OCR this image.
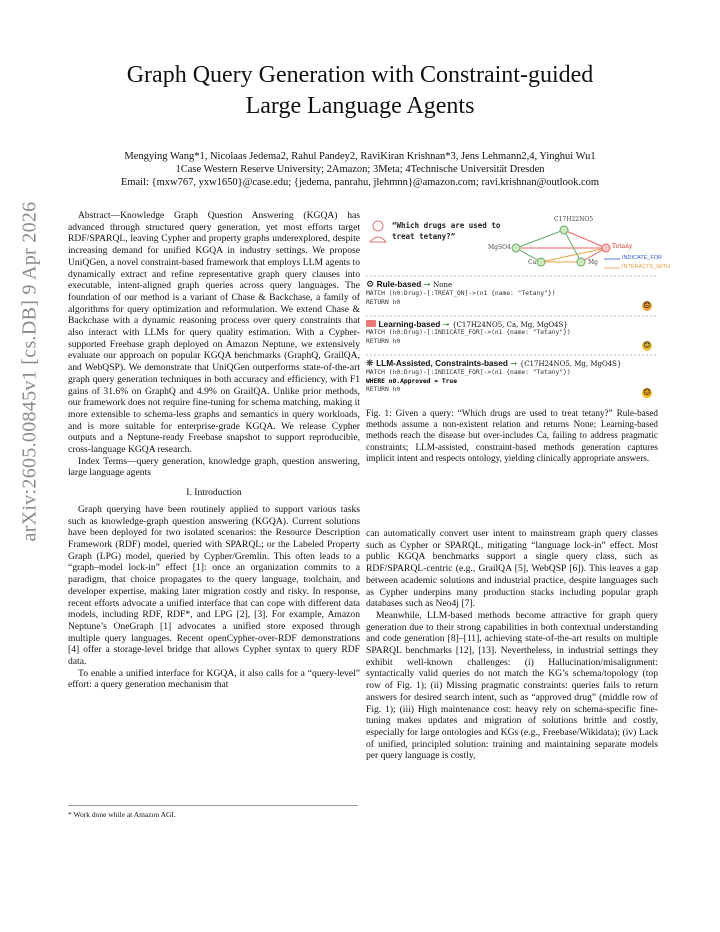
arXiv:2605.00845v1 [cs.DB] 9 Apr 2026
Graph Query Generation with Constraint-guided
Large Language Agents
Mengying Wang*1, Nicolaas Jedema2, Rahul Pandey2, RaviKiran Krishnan*3, Jens Lehmann2,4, Yinghui Wu1
1Case Western Reserve University; 2Amazon; 3Meta; 4Technische Universität Dresden
Email: {mxw767, yxw1650}@case.edu; {jedema, panrahu, jlehmnn}@amazon.com; ravi.krishnan@outlook.com

Abstract—Knowledge Graph Question Answering (KGQA) has advanced through structured query generation, yet most efforts target RDF/SPARQL, leaving Cypher and property graphs underexplored, despite increasing demand for unified KGQA in industry settings. We propose UniQGen, a novel constraint-based framework that employs LLM agents to dynamically extract and refine representative graph query clauses into executable, intent-aligned graph queries across query languages. The foundation of our method is a variant of Chase & Backchase, a family of algorithms for query optimization and reformulation. We extend Chase & Backchase with a dynamic reasoning process over query constraints that also interact with LLMs for query quality estimation. With a Cypher-supported Freebase graph deployed on Amazon Neptune, we extensively evaluate our approach on popular KGQA benchmarks (GraphQ, GrailQA, and WebQSP). We demonstrate that UniQGen outperforms state-of-the-art graph query generation techniques in both accuracy and efficiency, with F1 gains of 31.6% on GraphQ and 4.9% on GrailQA. Unlike prior methods, our framework does not require fine-tuning for schema matching, making it more extensible to schema-less graphs and semantics in query workloads, and is more suitable for enterprise-grade KGQA. We release Cypher outputs and a Neptune-ready Freebase snapshot to support reproducible, cross-language KGQA research.

Index Terms—query generation, knowledge graph, question answering, large language agents

I. Introduction

Graph querying have been routinely applied to support various tasks such as knowledge-graph question answering (KGQA). Current solutions have been deployed for two isolated scenarios: the Resource Description Framework (RDF) model, queried with SPARQL; or the Labeled Property Graph (LPG) model, queried by Cypher/Gremlin. This often leads to a “graph–model lock-in” effect [1]: once an organization commits to a paradigm, that choice propagates to the query language, toolchain, and developer expertise, making later migration costly and risky. In response, recent efforts advocate a unified interface that can cope with different data models, including RDF, RDF*, and LPG [2], [3]. For example, Amazon Neptune’s OneGraph [1] advocates a unified store exposed through multiple query languages. Recent openCypher-over-RDF demonstrations [4] offer a storage-level bridge that allows Cypher syntax to query RDF data.

To enable a unified interface for KGQA, it also calls for a “query-level” effort: a query generation mechanism that

* Work done while at Amazon AGI.
“Which drugs are used to treat tetany?”
C17H22NO5
MgSO4	Tetany
Ca	Mg
INDICATE_FOR
INTERACTS_WITH
⚙ Rule-based ➞ None
MATCH (n0:Drug)-[:TREAT_ON]->(n1 {name: "Tetany"})
RETURN n0	☹
Learning-based ➞ {C17H24NO5, Ca, Mg, MgO4S}
MATCH (n0:Drug)-[:INDICATE_FOR]->(n1 {name: "Tetany"})
RETURN n0	☺
❋ LLM-Assisted, Constraints-based ➞ {C17H24NO5, Mg, MgO4S}
MATCH (n0:Drug)-[:INDICATE_FOR]->(n1 {name: "Tetany"})
WHERE n0.Approved = True
RETURN n0	☺
Fig. 1: Given a query: “Which drugs are used to treat tetany?” Rule-based methods assume a non-existent relation and returns None; Learning-based methods reach the disease but over-includes Ca, failing to address pragmatic constraints; LLM-assisted, constraint-based methods generation captures implicit intent and respects ontology, yielding clinically appropriate answers.

can automatically convert user intent to mainstream graph query classes such as Cypher or SPARQL, mitigating “language lock-in” effect. Most public KGQA benchmarks support a single query class, such as RDF/SPARQL-centric (e.g., GrailQA [5], WebQSP [6]). This leaves a gap between academic solutions and industrial practice, despite languages such as Cypher underpins many production stacks including popular graph databases such as Neo4j [7].

Meanwhile, LLM-based methods become attractive for graph query generation due to their strong capabilities in both contextual understanding and code generation [8]–[11], achieving state-of-the-art results on multiple SPARQL benchmarks [12], [13]. Nevertheless, in industrial settings they exhibit well-known challenges: (i) Hallucination/misalignment: syntactically valid queries do not match the KG’s schema/topology (top row of Fig. 1); (ii) Missing pragmatic constraints: queries fails to return answers for desired search intent, such as “approved drug” (middle row of Fig. 1); (iii) High maintenance cost: heavy rely on schema-specific fine-tuning makes updates and migration of solutions brittle and costly, especially for large ontologies and KGs (e.g., Freebase/Wikidata); (iv) Lack of unified, principled solution: training and maintaining separate models per query language is costly,
